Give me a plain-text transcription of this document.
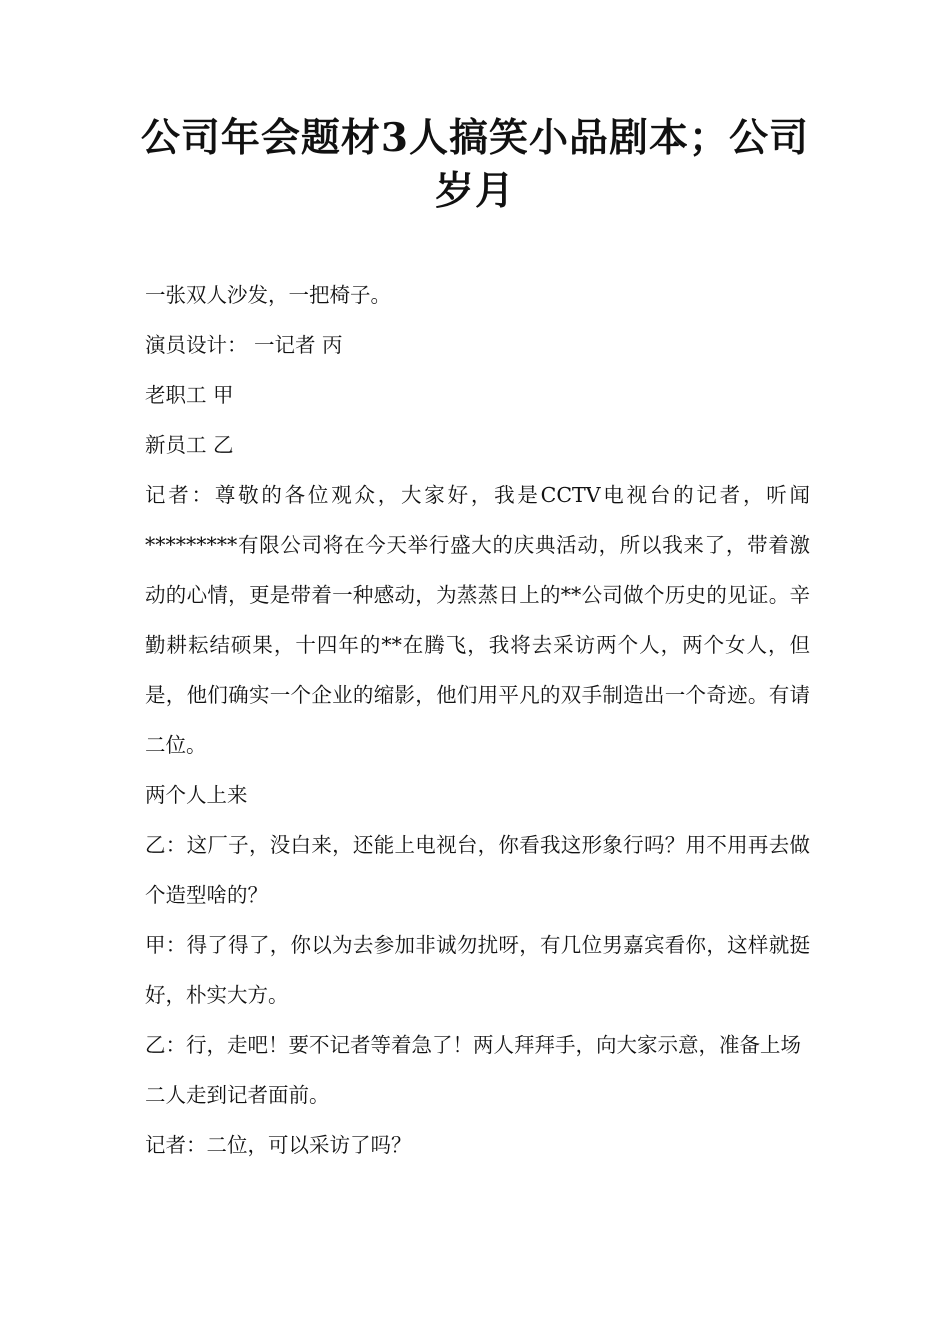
公司年会题材3人搞笑小品剧本；公司
岁月

一张双人沙发，一把椅子。

演员设计： 一记者 丙

老职工 甲

新员工 乙

记者：尊敬的各位观众，大家好，我是CCTV电视台的记者，听闻*********有限公司将在今天举行盛大的庆典活动，所以我来了，带着激动的心情，更是带着一种感动，为蒸蒸日上的**公司做个历史的见证。辛勤耕耘结硕果，十四年的**在腾飞，我将去采访两个人，两个女人，但是，他们确实一个企业的缩影，他们用平凡的双手制造出一个奇迹。有请二位。

两个人上来

乙：这厂子，没白来，还能上电视台，你看我这形象行吗？用不用再去做个造型啥的？

甲：得了得了，你以为去参加非诚勿扰呀，有几位男嘉宾看你，这样就挺好，朴实大方。

乙：行，走吧！要不记者等着急了！两人拜拜手，向大家示意，准备上场

二人走到记者面前。

记者：二位，可以采访了吗？
